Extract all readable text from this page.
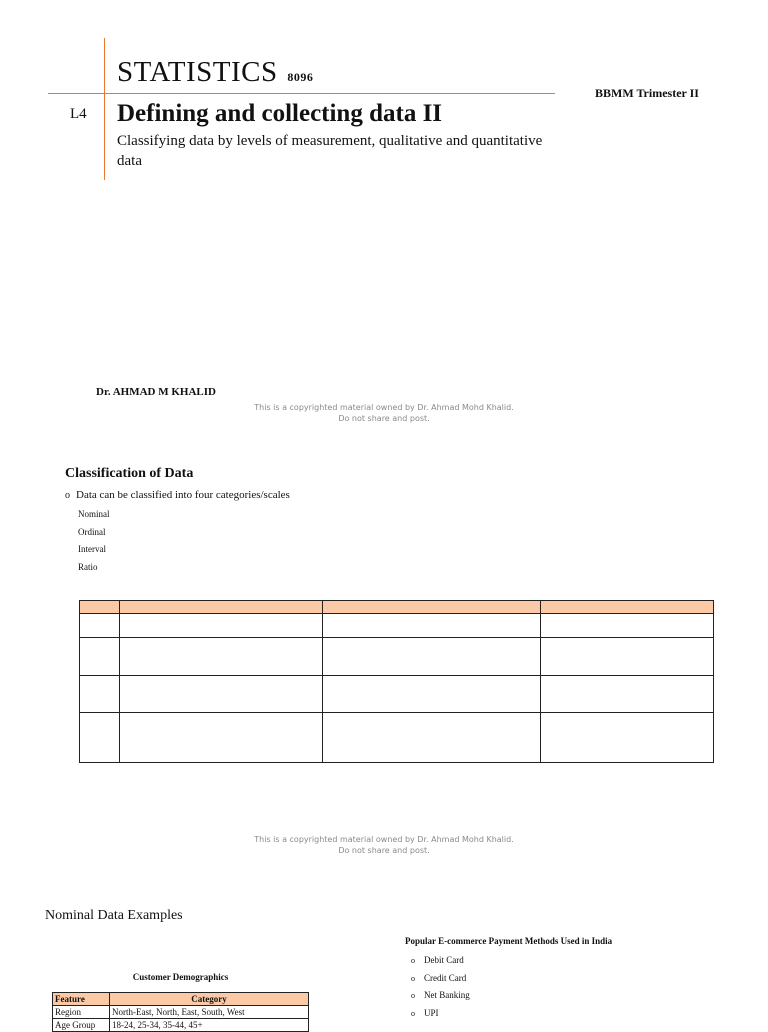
STATISTICS 8096
BBMM Trimester II
L4 Defining and collecting data II
Classifying data by levels of measurement, qualitative and quantitative data
Dr. AHMAD M KHALID
This is a copyrighted material owned by Dr. Ahmad Mohd Khalid. Do not share and post.
Classification of Data
o Data can be classified into four categories/scales
Nominal
Ordinal
Interval
Ratio

This is a copyrighted material owned by Dr. Ahmad Mohd Khalid. Do not share and post.
Nominal Data Examples
Customer Demographics
Feature	Category
Region	North-East, North, East, South, West
Age Group	18-24, 25-34, 35-44, 45+
Popular E-commerce Payment Methods Used in India
o Debit Card
o Credit Card
o Net Banking
o UPI
